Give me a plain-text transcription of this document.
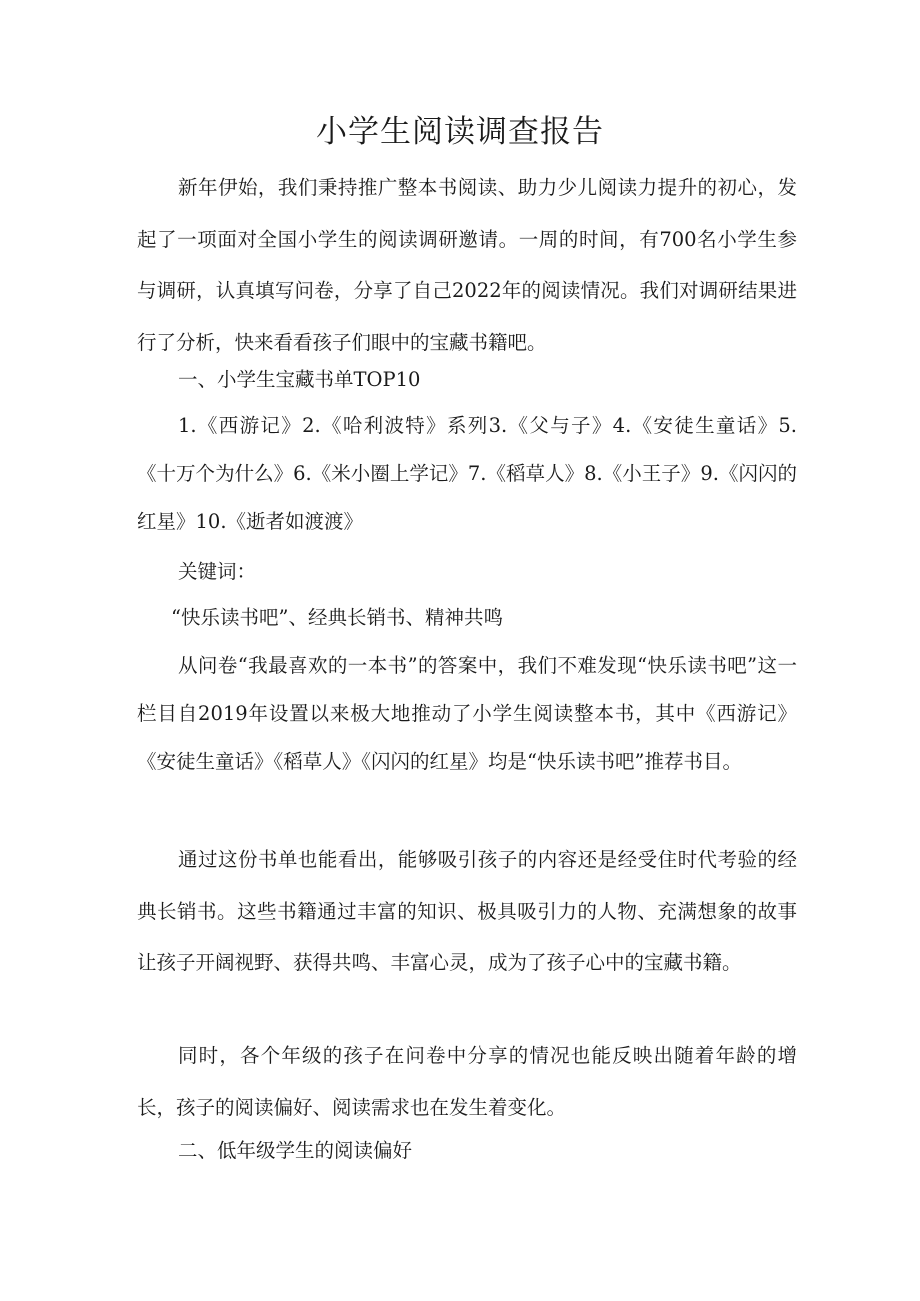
小学生阅读调查报告

新年伊始，我们秉持推广整本书阅读、助力少儿阅读力提升的初心，发起了一项面对全国小学生的阅读调研邀请。一周的时间，有700名小学生参与调研，认真填写问卷，分享了自己2022年的阅读情况。我们对调研结果进行了分析，快来看看孩子们眼中的宝藏书籍吧。

一、小学生宝藏书单TOP10

1.《西游记》2.《哈利波特》系列3.《父与子》4.《安徒生童话》5.《十万个为什么》6.《米小圈上学记》7.《稻草人》8.《小王子》9.《闪闪的红星》10.《逝者如渡渡》

关键词：

“快乐读书吧”、经典长销书、精神共鸣

从问卷“我最喜欢的一本书”的答案中，我们不难发现“快乐读书吧”这一栏目自2019年设置以来极大地推动了小学生阅读整本书，其中《西游记》《安徒生童话》《稻草人》《闪闪的红星》均是“快乐读书吧”推荐书目。

通过这份书单也能看出，能够吸引孩子的内容还是经受住时代考验的经典长销书。这些书籍通过丰富的知识、极具吸引力的人物、充满想象的故事让孩子开阔视野、获得共鸣、丰富心灵，成为了孩子心中的宝藏书籍。

同时，各个年级的孩子在问卷中分享的情况也能反映出随着年龄的增长，孩子的阅读偏好、阅读需求也在发生着变化。

二、低年级学生的阅读偏好
